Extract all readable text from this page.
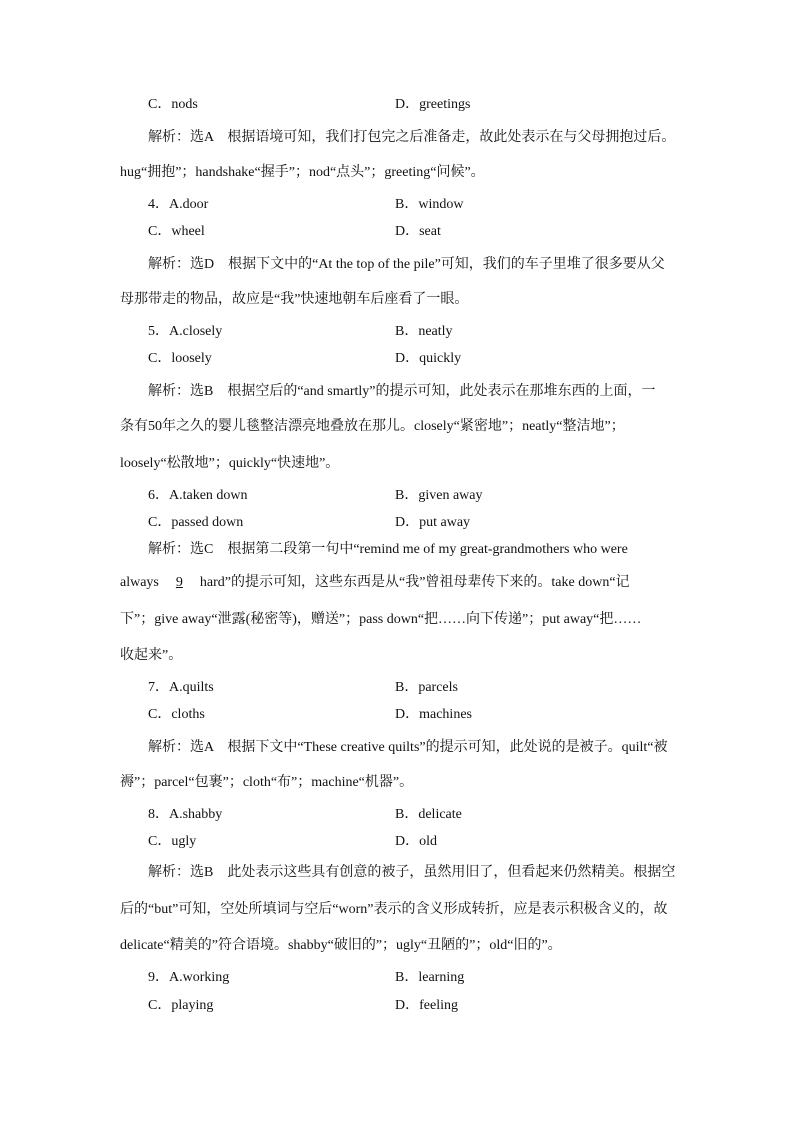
C．nods	D．greetings
解析：选A　根据语境可知，我们打包完之后准备走，故此处表示在与父母拥抱过后。
hug“拥抱”；handshake“握手”；nod“点头”；greeting“问候”。
4．A.door	B．window
C．wheel	D．seat
解析：选D　根据下文中的“At the top of the pile”可知，我们的车子里堆了很多要从父
母那带走的物品，故应是“我”快速地朝车后座看了一眼。
5．A.closely	B．neatly
C．loosely	D．quickly
解析：选B　根据空后的“and smartly”的提示可知，此处表示在那堆东西的上面，一
条有50年之久的婴儿毯整洁漂亮地叠放在那儿。closely“紧密地”；neatly“整洁地”；
loosely“松散地”；quickly“快速地”。
6．A.taken down	B．given away
C．passed down	D．put away
解析：选C　根据第二段第一句中“remind me of my great-grandmothers who were
always 9 hard”的提示可知，这些东西是从“我”曾祖母辈传下来的。take down“记
下”；give away“泄露(秘密等)，赠送”；pass down“把……向下传递”；put away“把……
收起来”。
7．A.quilts	B．parcels
C．cloths	D．machines
解析：选A　根据下文中“These creative quilts”的提示可知，此处说的是被子。quilt“被
褥”；parcel“包裹”；cloth“布”；machine“机器”。
8．A.shabby	B．delicate
C．ugly	D．old
解析：选B　此处表示这些具有创意的被子，虽然用旧了，但看起来仍然精美。根据空
后的“but”可知，空处所填词与空后“worn”表示的含义形成转折，应是表示积极含义的，故
delicate“精美的”符合语境。shabby“破旧的”；ugly“丑陋的”；old“旧的”。
9．A.working	B．learning
C．playing	D．feeling
